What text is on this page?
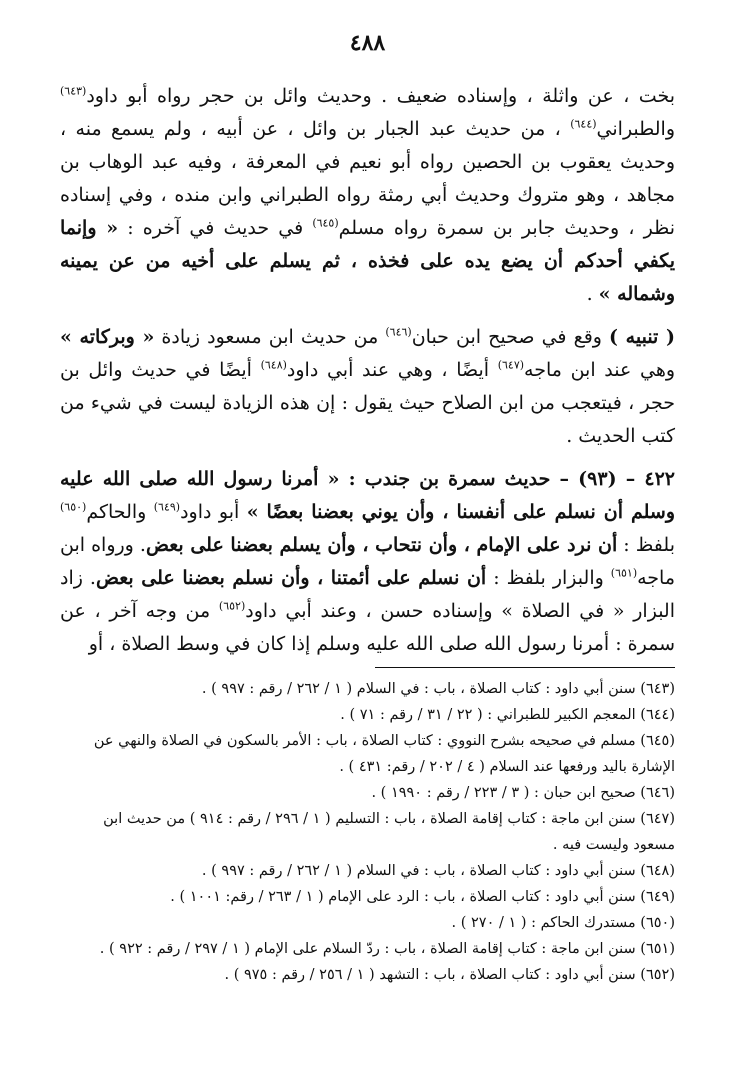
٤٨٨

بخت ، عن واثلة ، وإسناده ضعيف . وحديث وائل بن حجر رواه أبو داود$^{(٦٤٣)}$ والطبراني$^{(٦٤٤)}$ ، من حديث عبد الجبار بن وائل ، عن أبيه ، ولم يسمع منه ، وحديث يعقوب بن الحصين رواه أبو نعيم في المعرفة ، وفيه عبد الوهاب بن مجاهد ، وهو متروك وحديث أبي رمثة رواه الطبراني وابن منده ، وفي إسناده نظر ، وحديث جابر بن سمرة رواه مسلم$^{(٦٤٥)}$ في حديث في آخره : « وإنما يكفي أحدكم أن يضع يده على فخذه ، ثم يسلم على أخيه من عن يمينه وشماله » .

( تنبيه ) وقع في صحيح ابن حبان$^{(٦٤٦)}$ من حديث ابن مسعود زيادة « وبركاته » وهي عند ابن ماجه$^{(٦٤٧)}$ أيضًا ، وهي عند أبي داود$^{(٦٤٨)}$ أيضًا في حديث وائل بن حجر ، فيتعجب من ابن الصلاح حيث يقول : إن هذه الزيادة ليست في شيء من كتب الحديث .

٤٢٢ – (٩٣) – حديث سمرة بن جندب : « أمرنا رسول الله صلى الله عليه وسلم أن نسلم على أنفسنا ، وأن يوني بعضنا بعضًا » أبو داود$^{(٦٤٩)}$ والحاكم$^{(٦٥٠)}$ بلفظ : أن نرد على الإمام ، وأن نتحاب ، وأن يسلم بعضنا على بعض. ورواه ابن ماجه$^{(٦٥١)}$ والبزار بلفظ : أن نسلم على أئمتنا ، وأن نسلم بعضنا على بعض. زاد البزار « في الصلاة » وإسناده حسن ، وعند أبي داود$^{(٦٥٢)}$ من وجه آخر ، عن سمرة : أمرنا رسول الله صلى الله عليه وسلم إذا كان في وسط الصلاة ، أو

(٦٤٣) سنن أبي داود : كتاب الصلاة ، باب : في السلام ( ١ / ٢٦٢ / رقم : ٩٩٧ ) .

(٦٤٤) المعجم الكبير للطبراني : ( ٢٢ / ٣١ / رقم : ٧١ ) .

(٦٤٥) مسلم في صحيحه بشرح النووي : كتاب الصلاة ، باب : الأمر بالسكون في الصلاة والنهي عن الإشارة باليد ورفعها عند السلام ( ٤ / ٢٠٢ / رقم: ٤٣١ ) .

(٦٤٦) صحيح ابن حبان : ( ٣ / ٢٢٣ / رقم : ١٩٩٠ ) .

(٦٤٧) سنن ابن ماجة : كتاب إقامة الصلاة ، باب : التسليم ( ١ / ٢٩٦ / رقم : ٩١٤ ) من حديث ابن مسعود وليست فيه .

(٦٤٨) سنن أبي داود : كتاب الصلاة ، باب : في السلام ( ١ / ٢٦٢ / رقم : ٩٩٧ ) .

(٦٤٩) سنن أبي داود : كتاب الصلاة ، باب : الرد على الإمام ( ١ / ٢٦٣ / رقم: ١٠٠١ ) .

(٦٥٠) مستدرك الحاكم : ( ١ / ٢٧٠ ) .

(٦٥١) سنن ابن ماجة : كتاب إقامة الصلاة ، باب : ردّ السلام على الإمام ( ١ / ٢٩٧ / رقم : ٩٢٢ ) .

(٦٥٢) سنن أبي داود : كتاب الصلاة ، باب : التشهد ( ١ / ٢٥٦ / رقم : ٩٧٥ ) .
